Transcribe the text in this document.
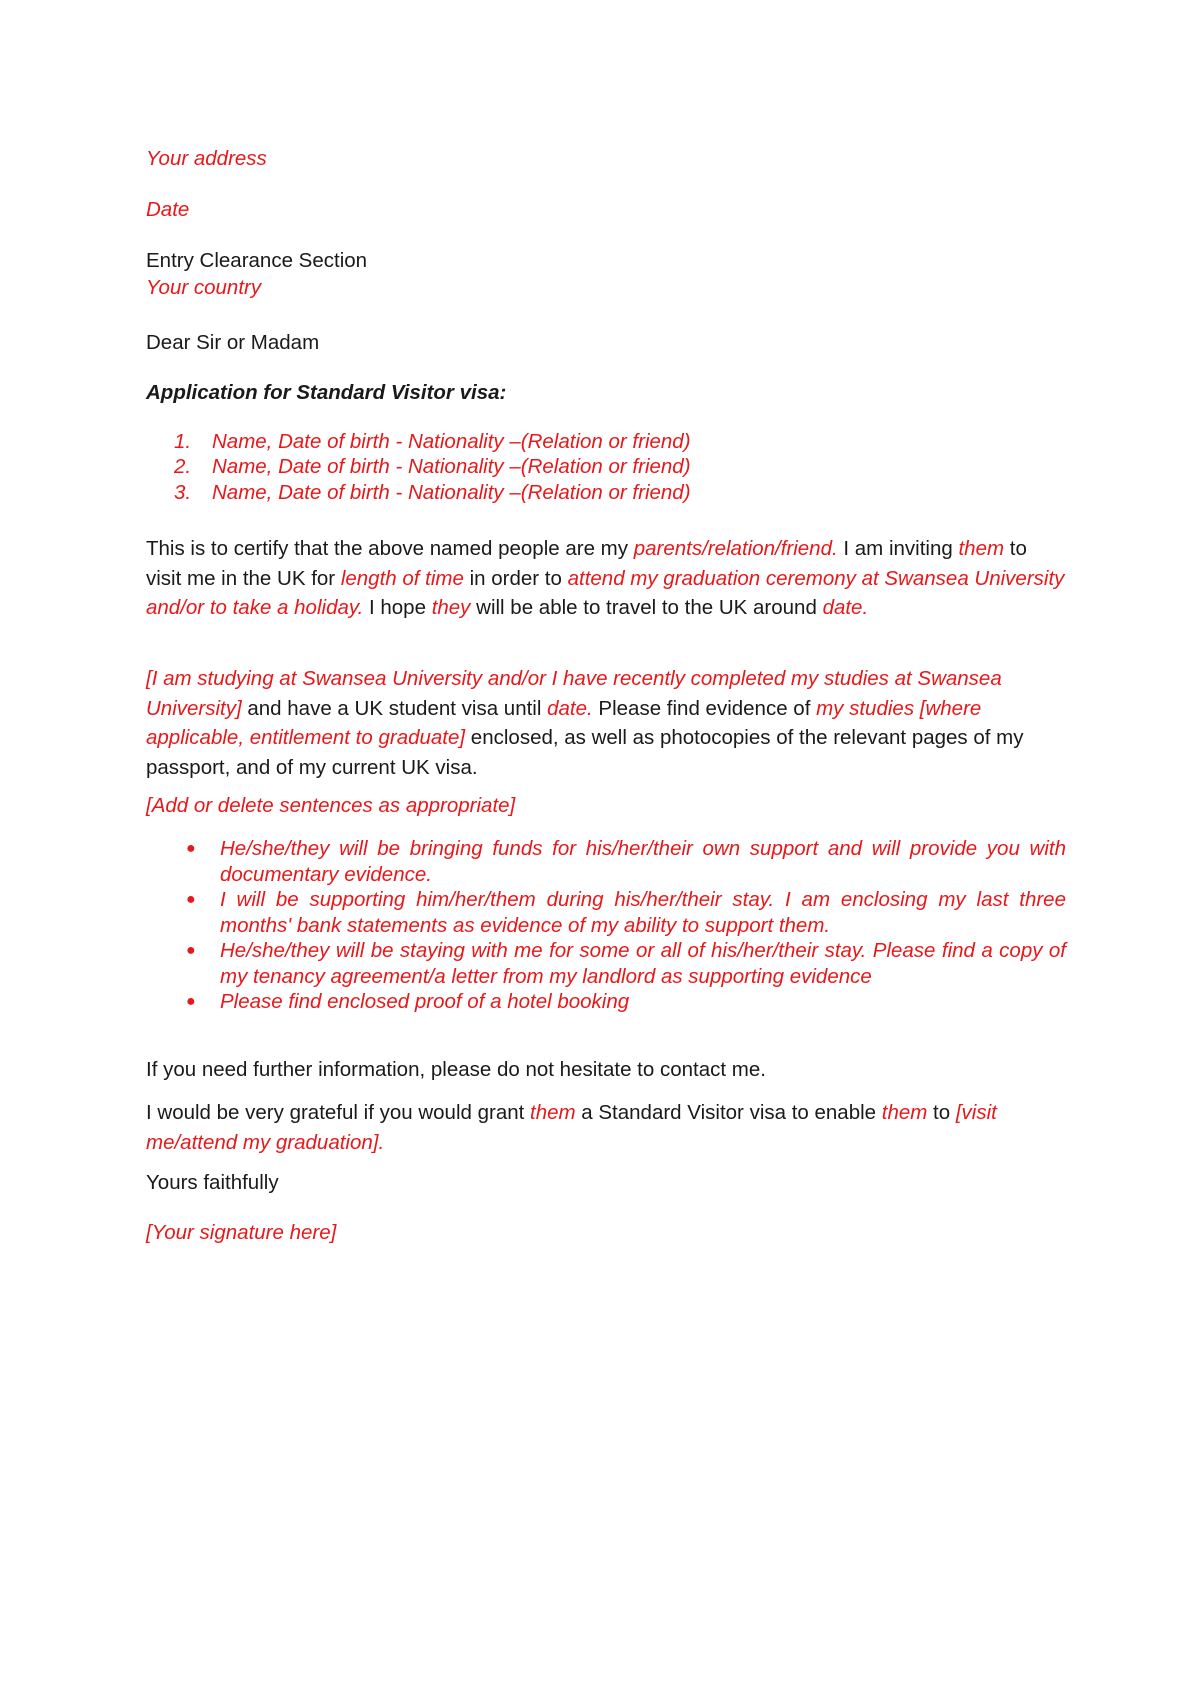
Your address

Date

Entry Clearance Section

Your country

Dear Sir or Madam

Application for Standard Visitor visa:

1. Name, Date of birth - Nationality –(Relation or friend)

2. Name, Date of birth - Nationality –(Relation or friend)

3. Name, Date of birth - Nationality –(Relation or friend)

This is to certify that the above named people are my parents/relation/friend. I am inviting them to visit me in the UK for length of time in order to attend my graduation ceremony at Swansea University and/or to take a holiday. I hope they will be able to travel to the UK around date.

[I am studying at Swansea University and/or I have recently completed my studies at Swansea University] and have a UK student visa until date. Please find evidence of my studies [where applicable, entitlement to graduate] enclosed, as well as photocopies of the relevant pages of my passport, and of my current UK visa.

[Add or delete sentences as appropriate]

● He/she/they will be bringing funds for his/her/their own support and will provide you with documentary evidence.
● I will be supporting him/her/them during his/her/their stay. I am enclosing my last three months' bank statements as evidence of my ability to support them.
● He/she/they will be staying with me for some or all of his/her/their stay. Please find a copy of my tenancy agreement/a letter from my landlord as supporting evidence
● Please find enclosed proof of a hotel booking

If you need further information, please do not hesitate to contact me.

I would be very grateful if you would grant them a Standard Visitor visa to enable them to [visit me/attend my graduation].

Yours faithfully

[Your signature here]
